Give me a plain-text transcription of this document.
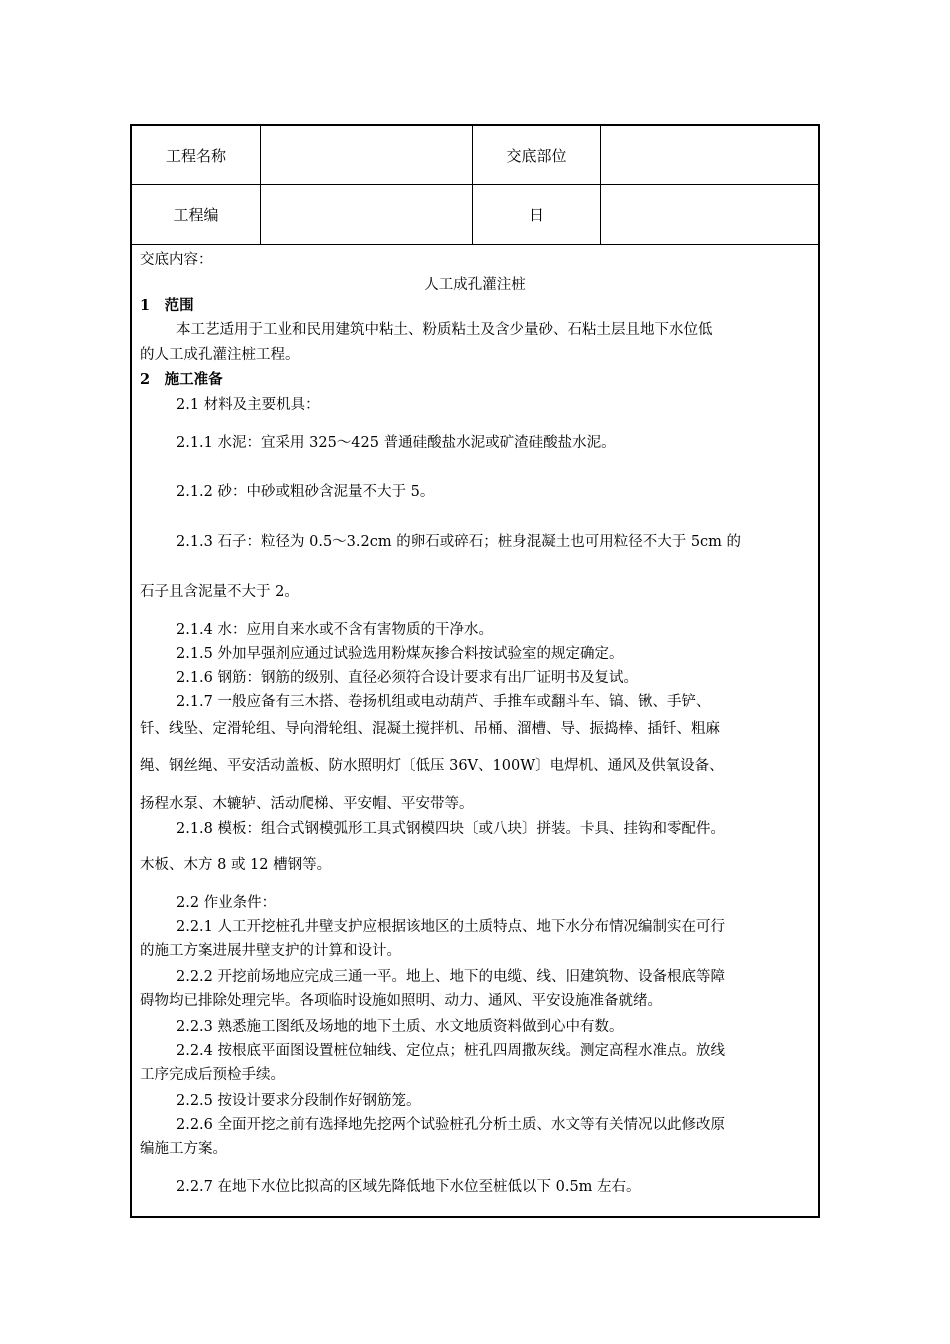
工程名称	交底部位
工程编	日
交底内容：
人工成孔灌注桩
1　范围
本工艺适用于工业和民用建筑中粘土、粉质粘土及含少量砂、石粘土层且地下水位低
的人工成孔灌注桩工程。
2　施工准备
2.1 材料及主要机具：
2.1.1 水泥：宜采用 325～425 普通硅酸盐水泥或矿渣硅酸盐水泥。
2.1.2 砂：中砂或粗砂含泥量不大于 5。
2.1.3 石子：粒径为 0.5～3.2cm 的卵石或碎石；桩身混凝土也可用粒径不大于 5cm 的
石子且含泥量不大于 2。
2.1.4 水：应用自来水或不含有害物质的干净水。
2.1.5 外加早强剂应通过试验选用粉煤灰掺合料按试验室的规定确定。
2.1.6 钢筋：钢筋的级别、直径必须符合设计要求有出厂证明书及复试。
2.1.7 一般应备有三木搭、卷扬机组或电动葫芦、手推车或翻斗车、镐、锹、手铲、
钎、线坠、定滑轮组、导向滑轮组、混凝土搅拌机、吊桶、溜槽、导、振捣棒、插钎、粗麻
绳、钢丝绳、平安活动盖板、防水照明灯〔低压 36V、100W〕电焊机、通风及供氧设备、
扬程水泵、木辘轳、活动爬梯、平安帽、平安带等。
2.1.8 模板：组合式钢模弧形工具式钢模四块〔或八块〕拼装。卡具、挂钩和零配件。
木板、木方 8 或 12 槽钢等。
2.2 作业条件：
2.2.1 人工开挖桩孔井壁支护应根据该地区的土质特点、地下水分布情况编制实在可行
的施工方案进展井壁支护的计算和设计。
2.2.2 开挖前场地应完成三通一平。地上、地下的电缆、线、旧建筑物、设备根底等障
碍物均已排除处理完毕。各项临时设施如照明、动力、通风、平安设施准备就绪。
2.2.3 熟悉施工图纸及场地的地下土质、水文地质资料做到心中有数。
2.2.4 按根底平面图设置桩位轴线、定位点；桩孔四周撒灰线。测定高程水准点。放线
工序完成后预检手续。
2.2.5 按设计要求分段制作好钢筋笼。
2.2.6 全面开挖之前有选择地先挖两个试验桩孔分析土质、水文等有关情况以此修改原
编施工方案。
2.2.7 在地下水位比拟高的区域先降低地下水位至桩低以下 0.5m 左右。
